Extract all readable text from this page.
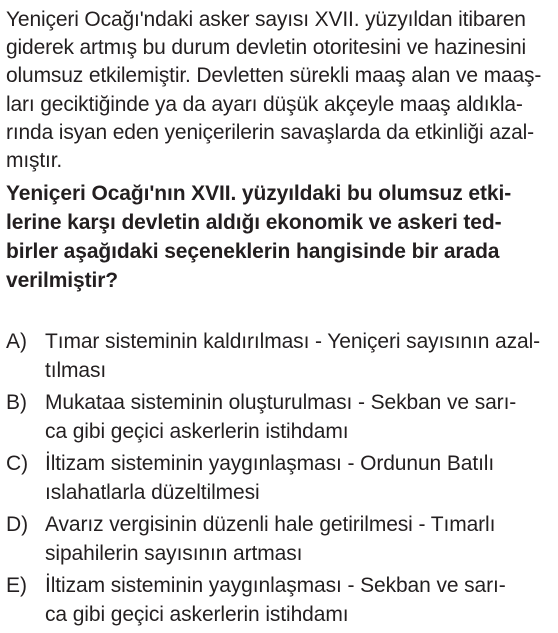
Yeniçeri Ocağı'ndaki asker sayısı XVII. yüzyıldan itibaren

giderek artmış bu durum devletin otoritesini ve hazinesini

olumsuz etkilemiştir. Devletten sürekli maaş alan ve maaş-

ları geciktiğinde ya da ayarı düşük akçeyle maaş aldıkla-

rında isyan eden yeniçerilerin savaşlarda da etkinliği azal-

mıştır.

Yeniçeri Ocağı'nın XVII. yüzyıldaki bu olumsuz etki-

lerine karşı devletin aldığı ekonomik ve askeri ted-

birler aşağıdaki seçeneklerin hangisinde bir arada

verilmiştir?

A) Tımar sisteminin kaldırılması - Yeniçeri sayısının azal-
tılması
B) Mukataa sisteminin oluşturulması - Sekban ve sarı-
ca gibi geçici askerlerin istihdamı
C) İltizam sisteminin yaygınlaşması - Ordunun Batılı
ıslahatlarla düzeltilmesi
D) Avarız vergisinin düzenli hale getirilmesi - Tımarlı
sipahilerin sayısının artması
E) İltizam sisteminin yaygınlaşması - Sekban ve sarı-
ca gibi geçici askerlerin istihdamı
